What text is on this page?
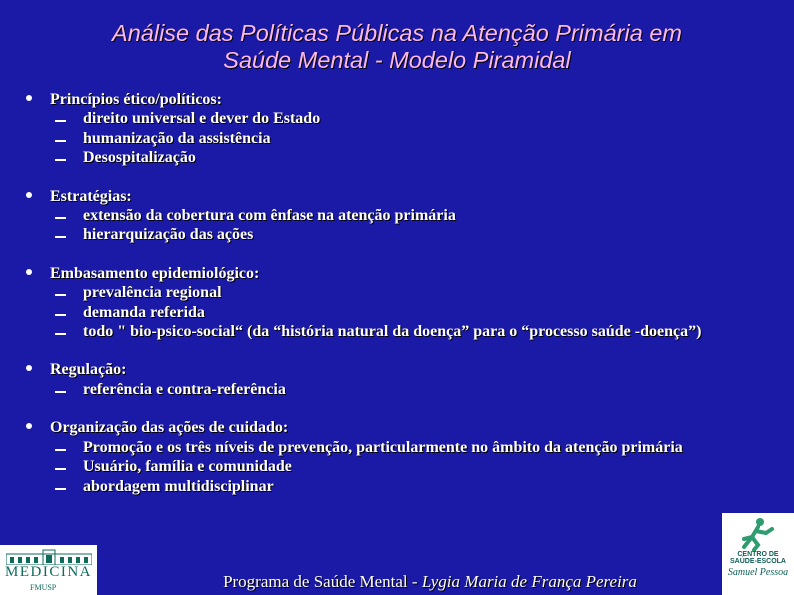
Análise das Políticas Públicas na Atenção Primária em
Saúde Mental - Modelo Piramidal
Princípios ético/políticos:
direito universal e dever do Estado
humanização da assistência
Desospitalização
Estratégias:
extensão da cobertura com ênfase na atenção primária
hierarquização das ações
Embasamento epidemiológico:
prevalência regional
demanda referida
todo " bio-psico-social“ (da “história natural da doença” para o “processo saúde -doença”)
Regulação:
referência e contra-referência
Organização das ações de cuidado:
Promoção e os três níveis de prevenção, particularmente no âmbito da atenção primária
Usuário, família e comunidade
abordagem multidisciplinar
MEDICINA
FMUSP	Programa de Saúde Mental - Lygia Maria de França Pereira
CENTRO DE
SAÚDE-ESCOLA
Samuel Pessoa
